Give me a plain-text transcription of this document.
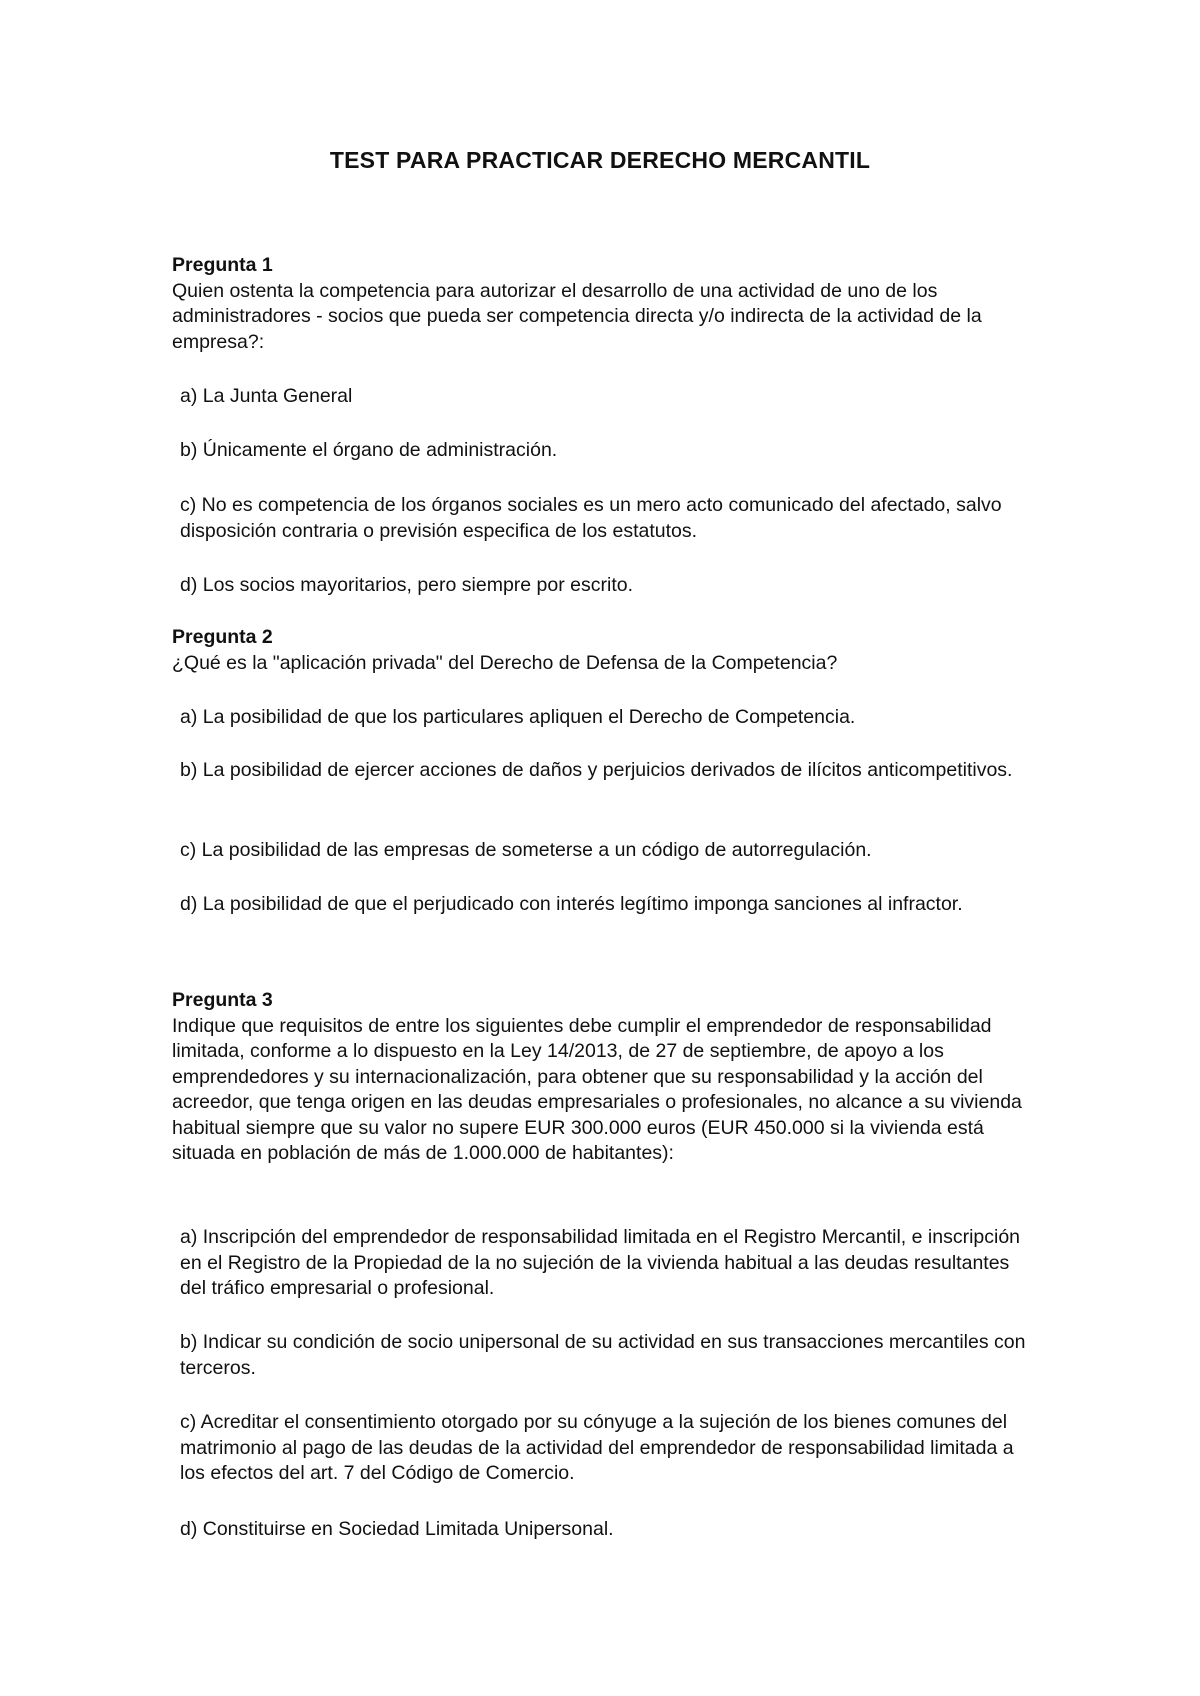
TEST PARA PRACTICAR DERECHO MERCANTIL
Pregunta 1
Quien ostenta la competencia para autorizar el desarrollo de una actividad de uno de los administradores - socios que pueda ser competencia directa y/o indirecta de la actividad de la empresa?:
a) La Junta General
b) Únicamente el órgano de administración.
c) No es competencia de los órganos sociales es un mero acto comunicado del afectado, salvo disposición contraria o previsión especifica de los estatutos.
d) Los socios mayoritarios, pero siempre por escrito.
Pregunta 2
¿Qué es la "aplicación privada" del Derecho de Defensa de la Competencia?
a) La posibilidad de que los particulares apliquen el Derecho de Competencia.
b) La posibilidad de ejercer acciones de daños y perjuicios derivados de ilícitos anticompetitivos.
c) La posibilidad de las empresas de someterse a un código de autorregulación.
d) La posibilidad de que el perjudicado con interés legítimo imponga sanciones al infractor.
Pregunta 3
Indique que requisitos de entre los siguientes debe cumplir el emprendedor de responsabilidad limitada, conforme a lo dispuesto en la Ley 14/2013, de 27 de septiembre, de apoyo a los emprendedores y su internacionalización, para obtener que su responsabilidad y la acción del acreedor, que tenga origen en las deudas empresariales o profesionales, no alcance a su vivienda habitual siempre que su valor no supere EUR 300.000 euros (EUR 450.000 si la vivienda está situada en población de más de 1.000.000 de habitantes):
a) Inscripción del emprendedor de responsabilidad limitada en el Registro Mercantil, e inscripción en el Registro de la Propiedad de la no sujeción de la vivienda habitual a las deudas resultantes del tráfico empresarial o profesional.
b) Indicar su condición de socio unipersonal de su actividad en sus transacciones mercantiles con terceros.
c) Acreditar el consentimiento otorgado por su cónyuge a la sujeción de los bienes comunes del matrimonio al pago de las deudas de la actividad del emprendedor de responsabilidad limitada a los efectos del art. 7 del Código de Comercio.
d) Constituirse en Sociedad Limitada Unipersonal.
